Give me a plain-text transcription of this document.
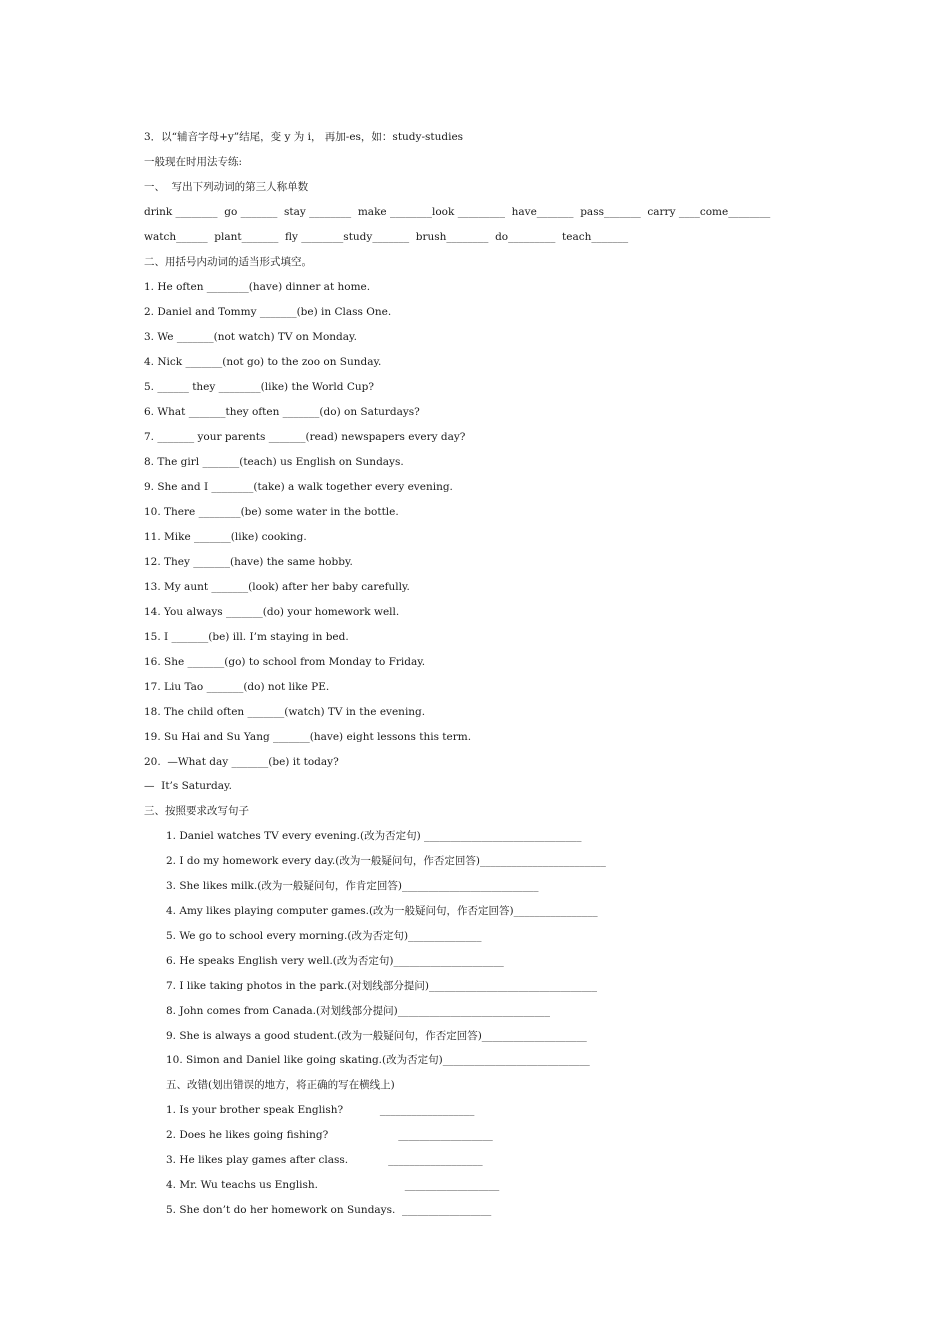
3．以“辅音字母+y”结尾，变 y 为 i， 再加-es，如：study-studies
一般现在时用法专练:
一、  写出下列动词的第三人称单数
drink ________  go _______  stay ________  make ________look _________  have_______  pass_______  carry ____come________
watch______  plant_______  fly ________study_______  brush________  do_________  teach_______
二、用括号内动词的适当形式填空。
1. He often ________(have) dinner at home.
2. Daniel and Tommy _______(be) in Class One.
3. We _______(not watch) TV on Monday.
4. Nick _______(not go) to the zoo on Sunday.
5. ______ they ________(like) the World Cup?
6. What _______they often _______(do) on Saturdays?
7. _______ your parents _______(read) newspapers every day?
8. The girl _______(teach) us English on Sundays.
9. She and I ________(take) a walk together every evening.
10. There ________(be) some water in the bottle.
11. Mike _______(like) cooking.
12. They _______(have) the same hobby.
13. My aunt _______(look) after her baby carefully.
14. You always _______(do) your homework well.
15. I _______(be) ill. I’m staying in bed.
16. She _______(go) to school from Monday to Friday.
17. Liu Tao _______(do) not like PE.
18. The child often _______(watch) TV in the evening.
19. Su Hai and Su Yang _______(have) eight lessons this term.
20.  —What day _______(be) it today?
—  It’s Saturday.
三、按照要求改写句子
1. Daniel watches TV every evening.(改为否定句) ______________________________
2. I do my homework every day.(改为一般疑问句，作否定回答)________________________
3. She likes milk.(改为一般疑问句，作肯定回答)__________________________
4. Amy likes playing computer games.(改为一般疑问句，作否定回答)________________
5. We go to school every morning.(改为否定句)______________
6. He speaks English very well.(改为否定句)_____________________
7. I like taking photos in the park.(对划线部分提问)________________________________
8. John comes from Canada.(对划线部分提问)_____________________________
9. She is always a good student.(改为一般疑问句，作否定回答)____________________
10. Simon and Daniel like going skating.(改为否定句)____________________________
五、改错(划出错误的地方，将正确的写在横线上)
1. Is your brother speak English?           __________________
2. Does he likes going fishing?                     __________________
3. He likes play games after class.            __________________
4. Mr. Wu teachs us English.                          __________________
5. She don’t do her homework on Sundays.  _________________
